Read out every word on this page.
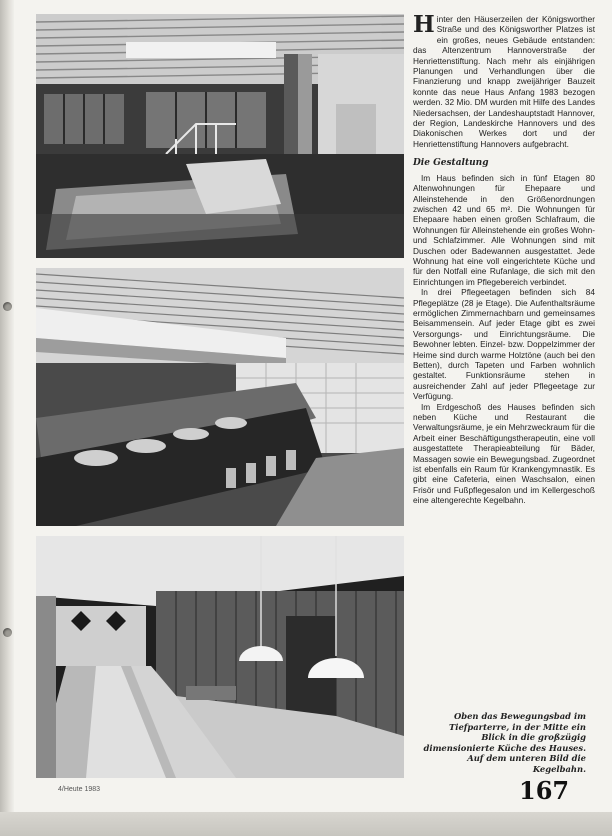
Hinter den Häuserzeilen der Königsworther Straße und des Königsworther Platzes ist ein großes, neues Gebäude entstanden: das Altenzentrum Hannoverstraße der Henriettenstiftung. Nach mehr als einjährigen Planungen und Verhandlungen über die Finanzierung und knapp zweijähriger Bauzeit konnte das neue Haus Anfang 1983 bezogen werden. 32 Mio. DM wurden mit Hilfe des Landes Niedersachsen, der Landeshauptstadt Hannover, der Region, Landeskirche Hannovers und des Diakonischen Werkes dort und der Henriettenstiftung Hannovers aufgebracht.

Die Gestaltung

Im Haus befinden sich in fünf Etagen 80 Altenwohnungen für Ehepaare und Alleinstehende in den Größenordnungen zwischen 42 und 65 m². Die Wohnungen für Ehepaare haben einen großen Schlafraum, die Wohnungen für Alleinstehende ein großes Wohn- und Schlafzimmer. Alle Wohnungen sind mit Duschen oder Badewannen ausgestattet. Jede Wohnung hat eine voll eingerichtete Küche und für den Notfall eine Rufanlage, die sich mit den Einrichtungen im Pflegebereich verbindet.

In drei Pflegeetagen befinden sich 84 Pflegeplätze (28 je Etage). Die Aufenthaltsräume ermöglichen Zimmernachbarn und gemeinsames Beisammensein. Auf jeder Etage gibt es zwei Versorgungs- und Einrichtungsräume. Die Bewohner lebten. Einzel- bzw. Doppelzimmer der Heime sind durch warme Holztöne (auch bei den Betten), durch Tapeten und Farben wohnlich gestaltet. Funktionsräume stehen in ausreichender Zahl auf jeder Pflegeetage zur Verfügung.

Im Erdgeschoß des Hauses befinden sich neben Küche und Restaurant die Verwaltungsräume, je ein Mehrzweckraum für die Arbeit einer Beschäftigungstherapeutin, eine voll ausgestattete Therapieabteilung für Bäder, Massagen sowie ein Bewegungsbad. Zugeordnet ist ebenfalls ein Raum für Krankengymnastik. Es gibt eine Cafeteria, einen Waschsalon, einen Frisör und Fußpflegesalon und im Kellergeschoß eine altengerechte Kegelbahn.

Oben das Bewegungsbad im Tiefparterre, in der Mitte ein Blick in die großzügig dimensionierte Küche des Hauses. Auf dem unteren Bild die Kegelbahn.
4/Heute 1983	167
